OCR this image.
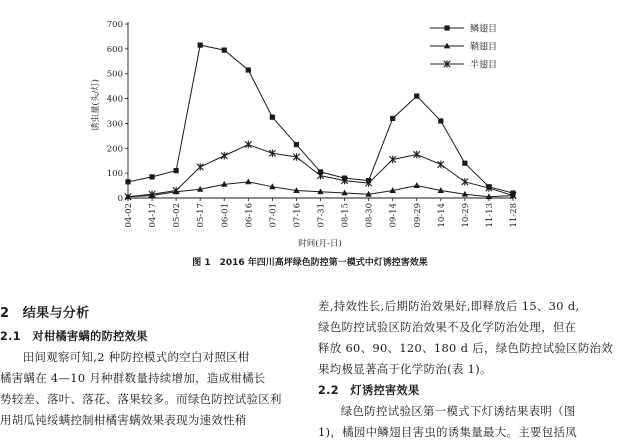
0
100
200
300
400
500
600
700
04-02 04-17 05-02 05-17 06-01 06-16 07-01 07-16 07-31 08-15 08-30 09-14 09-29 10-14 10-29 11-13 11-28
鳞翅目
鞘翅目
半翅目
诱虫量(头/灯)
时间(月-日)
图 1　2016 年四川高坪绿色防控第一模式中灯诱控害效果
2　结果与分析
2.1　对柑橘害螨的防控效果
田间观察可知,2 种防控模式的空白对照区柑
橘害螨在 4—10 月种群数量持续增加，造成柑橘长
势较差、落叶、落花、落果较多。而绿色防控试验区利
用胡瓜钝绥螨控制柑橘害螨效果表现为速效性稍
差,持效性长,后期防治效果好,即释放后 15、30 d,
绿色防控试验区防治效果不及化学防治处理，但在
释放 60、90、120、180 d 后，绿色防控试验区防治效
果均极显著高于化学防治(表 1)。
2.2　灯诱控害效果
绿色防控试验区第一模式下灯诱结果表明（图
1)，橘园中鳞翅目害虫的诱集量最大。主要包括凤
